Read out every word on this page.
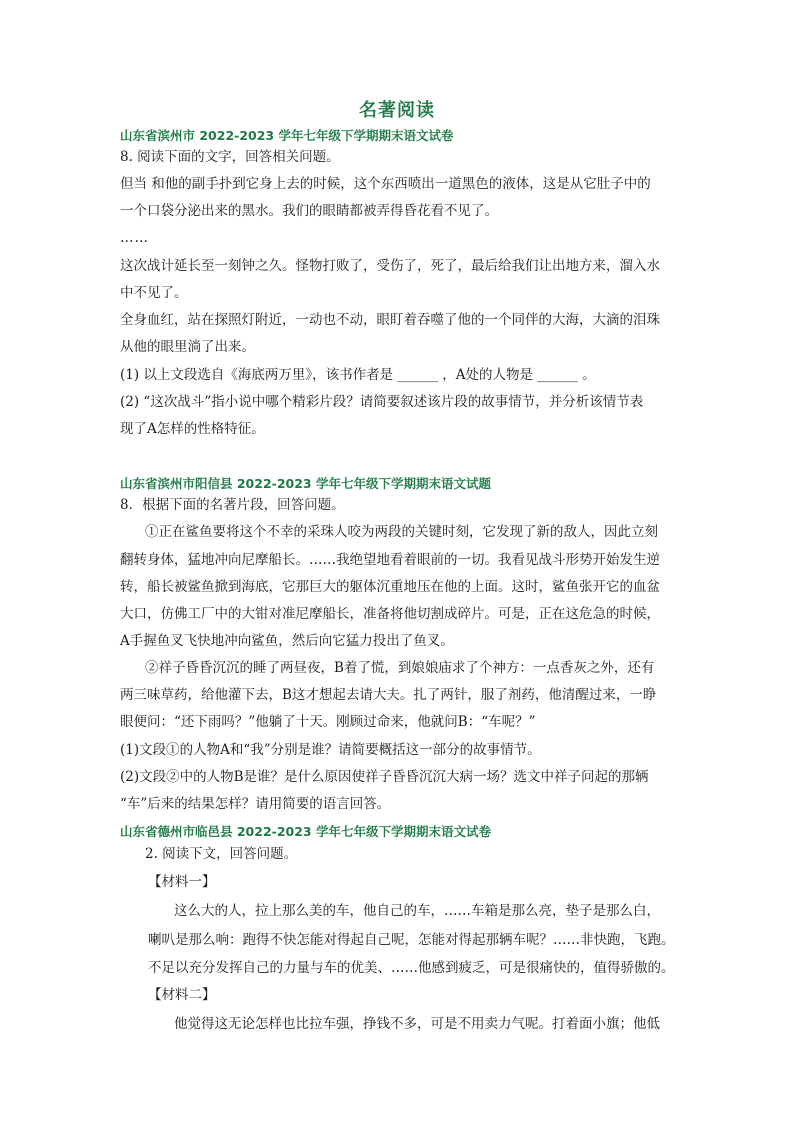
名著阅读
山东省滨州市 2022-2023 学年七年级下学期期末语文试卷
8. 阅读下面的文字，回答相关问题。
但当 和他的副手扑到它身上去的时候，这个东西喷出一道黑色的液体，这是从它肚子中的
一个口袋分泌出来的黑水。我们的眼睛都被弄得昏花看不见了。
……
这次战计延长至一刻钟之久。怪物打败了，受伤了，死了，最后给我们让出地方来，溜入水
中不见了。
全身血红，站在探照灯附近，一动也不动，眼盯着吞噬了他的一个同伴的大海，大滴的泪珠
从他的眼里淌了出来。
(1) 以上文段选自《海底两万里》，该书作者是 ______ ，A处的人物是 ______ 。
(2) “这次战斗”指小说中哪个精彩片段？请简要叙述该片段的故事情节，并分析该情节表
现了A怎样的性格特征。
山东省滨州市阳信县 2022-2023 学年七年级下学期期末语文试题
8．根据下面的名著片段，回答问题。
①正在鲨鱼要将这个不幸的采珠人咬为两段的关键时刻，它发现了新的敌人，因此立刻
翻转身体，猛地冲向尼摩船长。……我绝望地看着眼前的一切。我看见战斗形势开始发生逆
转，船长被鲨鱼掀到海底，它那巨大的躯体沉重地压在他的上面。这时，鲨鱼张开它的血盆
大口，仿佛工厂中的大钳对准尼摩船长，准备将他切割成碎片。可是，正在这危急的时候，
A手握鱼叉飞快地冲向鲨鱼，然后向它猛力投出了鱼叉。
②祥子昏昏沉沉的睡了两昼夜，B着了慌，到娘娘庙求了个神方：一点香灰之外，还有
两三味草药，给他灌下去，B这才想起去请大夫。扎了两针，服了剂药，他清醒过来，一睁
眼便问：“还下雨吗？”他躺了十天。刚顾过命来，他就问B：“车呢？”
(1)文段①的人物A和“我”分别是谁？请简要概括这一部分的故事情节。
(2)文段②中的人物B是谁？是什么原因使祥子昏昏沉沉大病一场？选文中祥子问起的那辆
“车”后来的结果怎样？请用简要的语言回答。
山东省德州市临邑县 2022-2023 学年七年级下学期期末语文试卷
2. 阅读下文，回答问题。
【材料一】
这么大的人，拉上那么美的车，他自己的车，……车箱是那么亮，垫子是那么白，
喇叭是那么响：跑得不快怎能对得起自己呢，怎能对得起那辆车呢？……非快跑，飞跑。
不足以充分发挥自己的力量与车的优美、……他感到疲乏，可是很痛快的，值得骄傲的。
【材料二】
他觉得这无论怎样也比拉车强，挣钱不多，可是不用卖力气呢。打着面小旗；他低
